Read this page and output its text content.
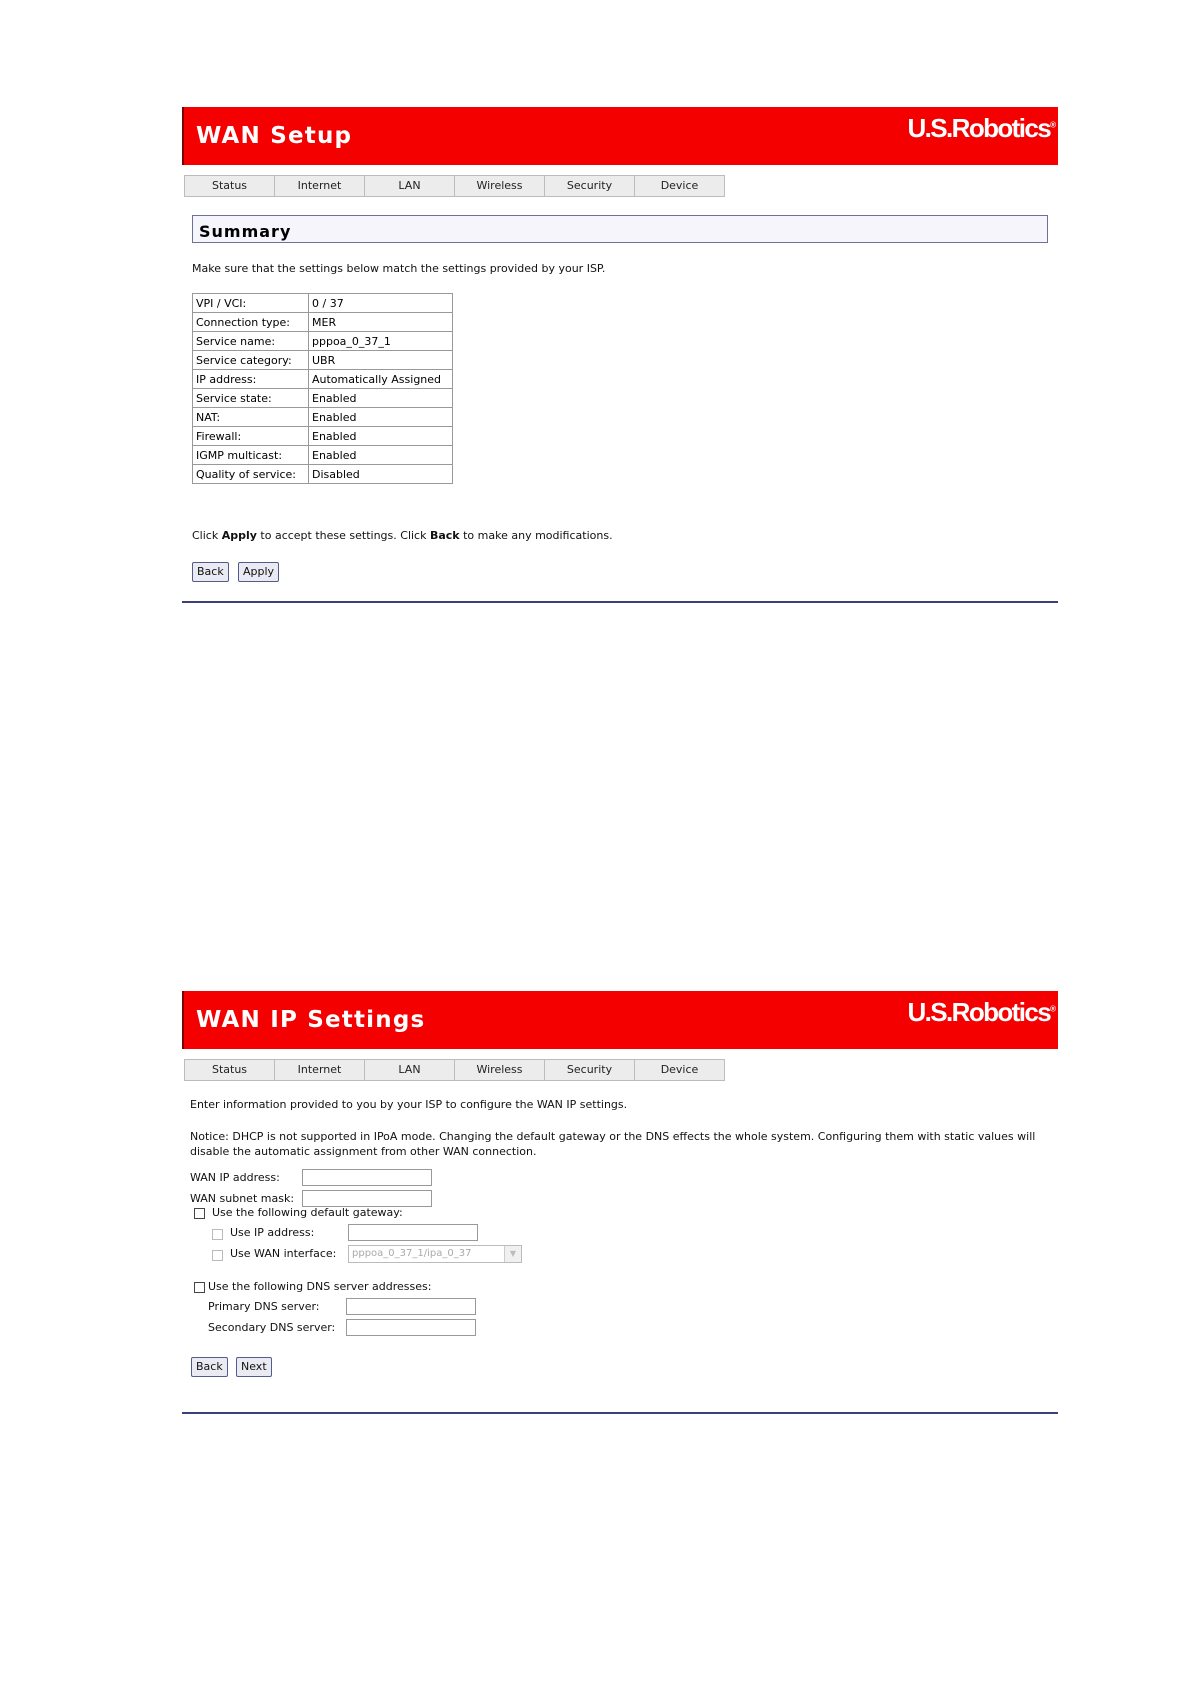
WAN Setup	U.S.Robotics®
Status	Internet	LAN	Wireless	Security	Device
Summary
Make sure that the settings below match the settings provided by your ISP.
VPI / VCI:	0 / 37
Connection type:	MER
Service name:	pppoa_0_37_1
Service category:	UBR
IP address:	Automatically Assigned
Service state:	Enabled
NAT:	Enabled
Firewall:	Enabled
IGMP multicast:	Enabled
Quality of service:	Disabled
Click Apply to accept these settings. Click Back to make any modifications.
Back	Apply
WAN IP Settings	U.S.Robotics®
Status	Internet	LAN	Wireless	Security	Device
Enter information provided to you by your ISP to configure the WAN IP settings.
Notice: DHCP is not supported in IPoA mode. Changing the default gateway or the DNS effects the whole system. Configuring them with static values will disable the automatic assignment from other WAN connection.
WAN IP address:
WAN subnet mask:
Use the following default gateway:
Use IP address:
Use WAN interface:	pppoa_0_37_1/ipa_0_37	▼
Use the following DNS server addresses:
Primary DNS server:
Secondary DNS server:
Back	Next
